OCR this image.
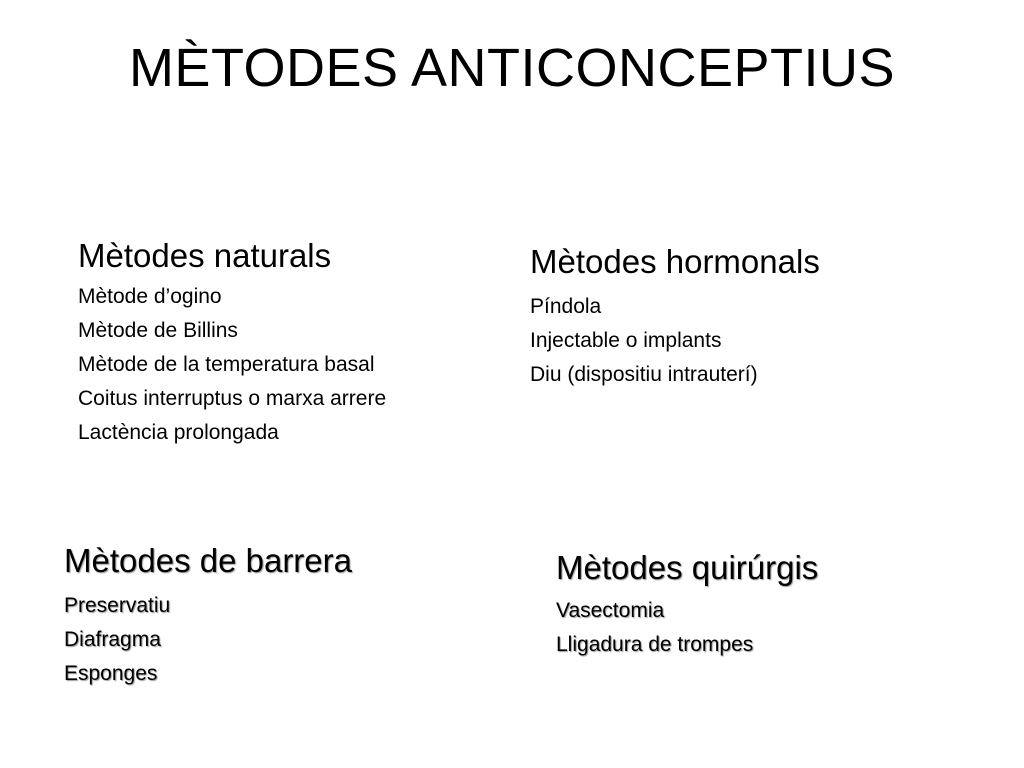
MÈTODES ANTICONCEPTIUS
Mètodes naturals
Mètode d’ogino
Mètode de Billins
Mètode de la temperatura basal
Coitus interruptus o marxa arrere
Lactència prolongada
Mètodes hormonals
Píndola
Injectable o implants
Diu (dispositiu intrauterí)
Mètodes de barrera
Preservatiu
Diafragma
Esponges
Mètodes quirúrgis
Vasectomia
Lligadura de trompes
